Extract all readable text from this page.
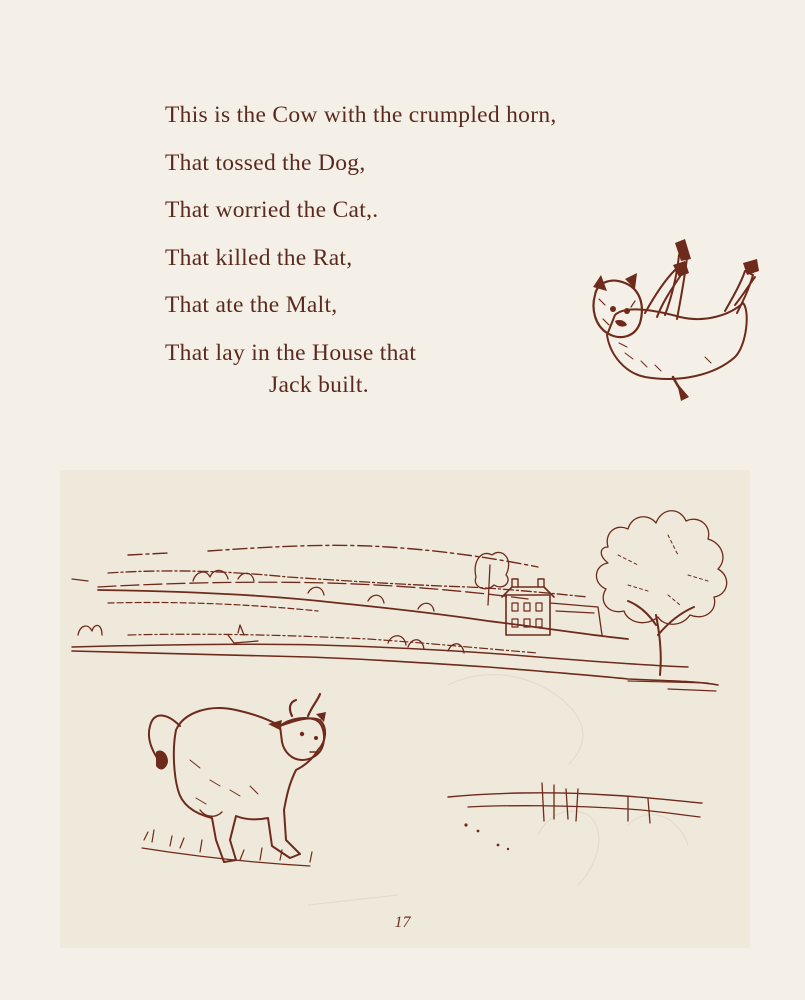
This is the Cow with the crumpled horn,
That tossed the Dog,
That worried the Cat,.
That killed the Rat,
That ate the Malt,
That lay in the House that
Jack built.
17
